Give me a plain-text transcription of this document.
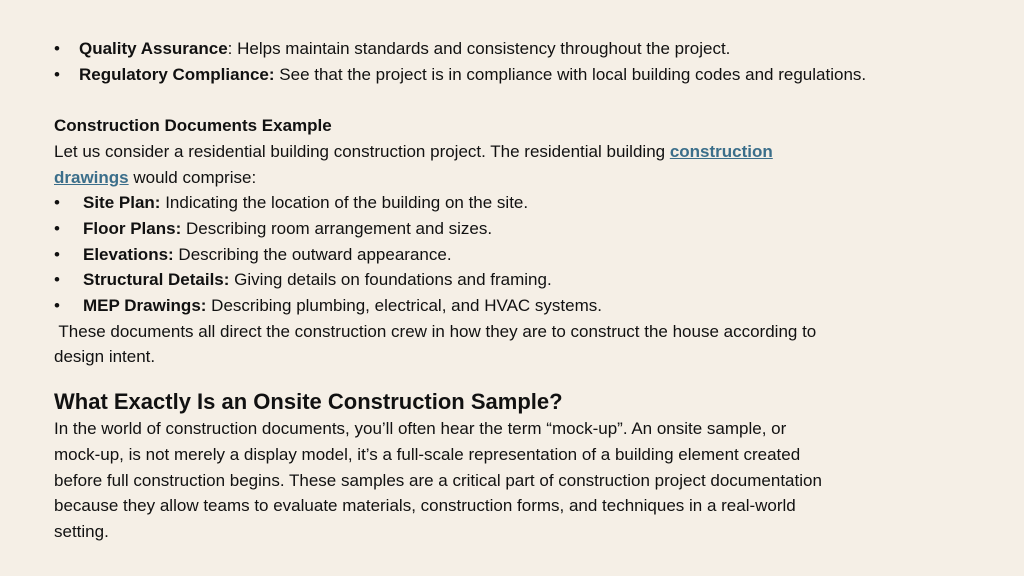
•	Quality Assurance: Helps maintain standards and consistency throughout the project.
•	Regulatory Compliance: See that the project is in compliance with local building codes and regulations.
Construction Documents Example
Let us consider a residential building construction project. The residential building construction
drawings would comprise:
•	Site Plan: Indicating the location of the building on the site.
•	Floor Plans: Describing room arrangement and sizes.
•	Elevations: Describing the outward appearance.
•	Structural Details: Giving details on foundations and framing.
•	MEP Drawings: Describing plumbing, electrical, and HVAC systems.
These documents all direct the construction crew in how they are to construct the house according to
design intent.
What Exactly Is an Onsite Construction Sample?
In the world of construction documents, you’ll often hear the term “mock-up”. An onsite sample, or
mock-up, is not merely a display model, it’s a full-scale representation of a building element created
before full construction begins. These samples are a critical part of construction project documentation
because they allow teams to evaluate materials, construction forms, and techniques in a real-world
setting.
